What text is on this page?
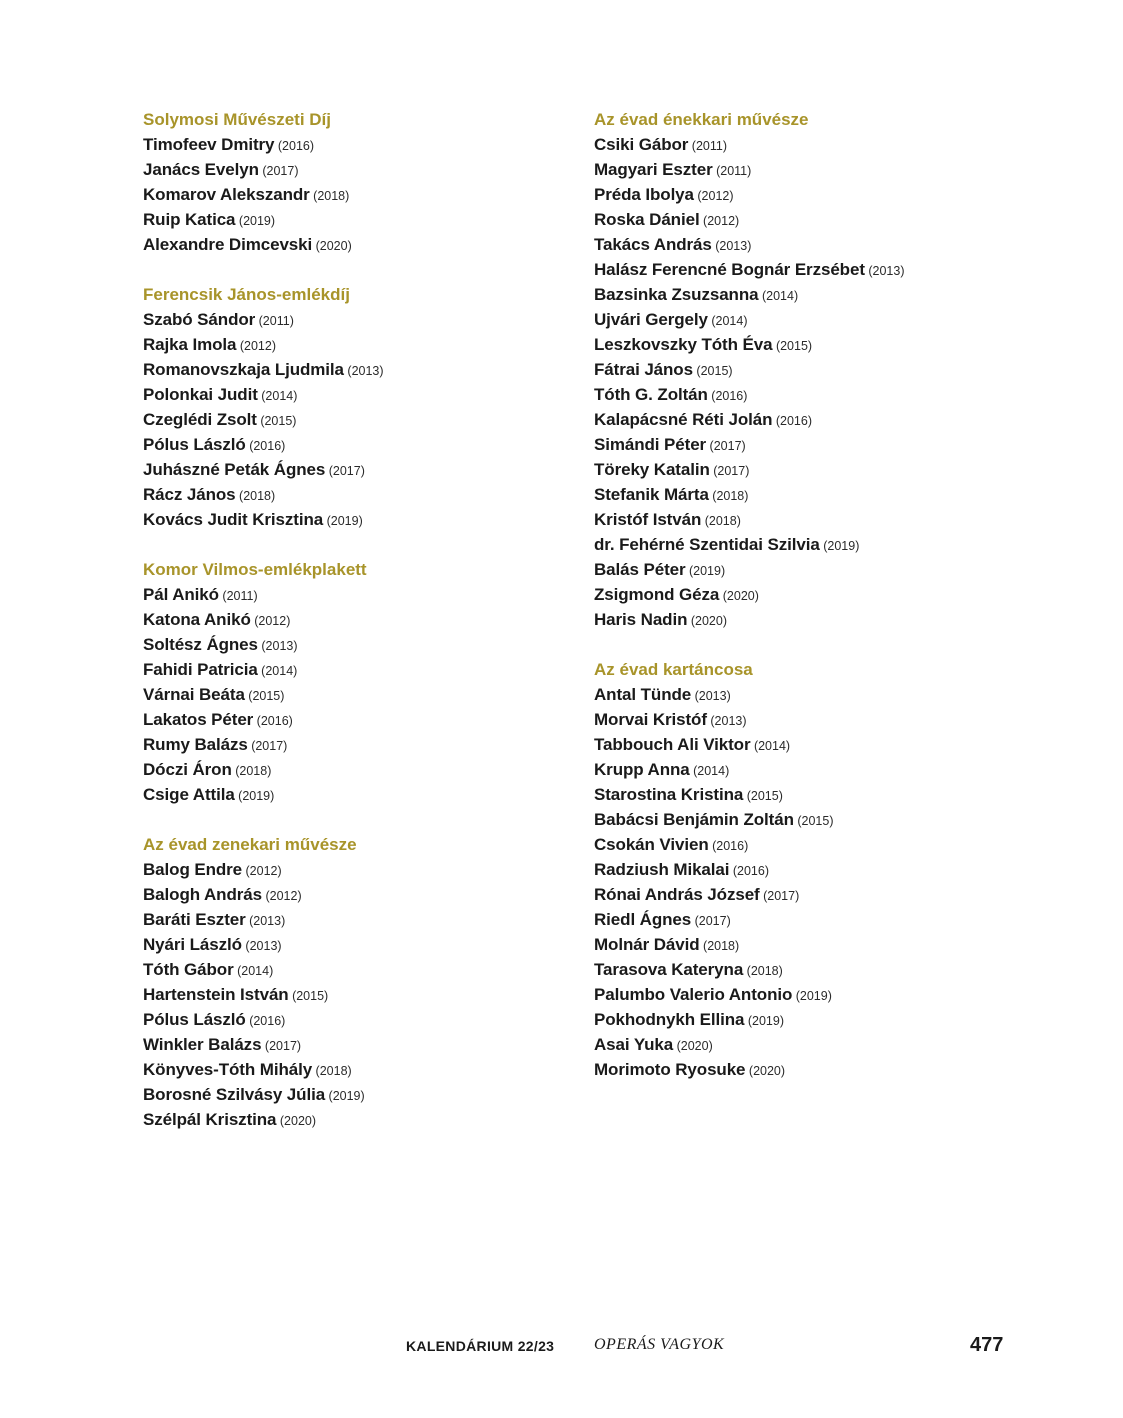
Solymosi Művészeti Díj
Timofeev Dmitry ( 2016 )
Janács Evelyn ( 2017 )
Komarov Alekszandr ( 2018 )
Ruip Katica ( 2019 )
Alexandre Dimcevski ( 2020 )
Ferencsik János-emlékdíj
Szabó Sándor ( 2011 )
Rajka Imola ( 2012 )
Romanovszkaja Ljudmila ( 2013 )
Polonkai Judit ( 2014 )
Czeglédi Zsolt ( 2015 )
Pólus László ( 2016 )
Juhászné Peták Ágnes ( 2017 )
Rácz János ( 2018 )
Kovács Judit Krisztina ( 2019 )
Komor Vilmos-emlékplakett
Pál Anikó ( 2011 )
Katona Anikó ( 2012 )
Soltész Ágnes ( 2013 )
Fahidi Patricia ( 2014 )
Várnai Beáta ( 2015 )
Lakatos Péter ( 2016 )
Rumy Balázs ( 2017 )
Dóczi Áron ( 2018 )
Csige Attila ( 2019 )
Az évad zenekari művésze
Balog Endre ( 2012 )
Balogh András ( 2012 )
Baráti Eszter ( 2013 )
Nyári László ( 2013 )
Tóth Gábor ( 2014 )
Hartenstein István ( 2015 )
Pólus László ( 2016 )
Winkler Balázs ( 2017 )
Könyves-Tóth Mihály ( 2018 )
Borosné Szilvásy Júlia ( 2019 )
Szélpál Krisztina ( 2020 )
Az évad énekkari művésze
Csiki Gábor ( 2011 )
Magyari Eszter ( 2011 )
Préda Ibolya ( 2012 )
Roska Dániel ( 2012 )
Takács András ( 2013 )
Halász Ferencné Bognár Erzsébet ( 2013 )
Bazsinka Zsuzsanna ( 2014 )
Ujvári Gergely ( 2014 )
Leszkovszky Tóth Éva ( 2015 )
Fátrai János ( 2015 )
Tóth G. Zoltán ( 2016 )
Kalapácsné Réti Jolán ( 2016 )
Simándi Péter ( 2017 )
Töreky Katalin ( 2017 )
Stefanik Márta ( 2018 )
Kristóf István ( 2018 )
dr. Fehérné Szentidai Szilvia ( 2019 )
Balás Péter ( 2019 )
Zsigmond Géza ( 2020 )
Haris Nadin ( 2020 )
Az évad kartáncosa
Antal Tünde ( 2013 )
Morvai Kristóf ( 2013 )
Tabbouch Ali Viktor ( 2014 )
Krupp Anna ( 2014 )
Starostina Kristina ( 2015 )
Babácsi Benjámin Zoltán ( 2015 )
Csokán Vivien ( 2016 )
Radziush Mikalai ( 2016 )
Rónai András József ( 2017 )
Riedl Ágnes ( 2017 )
Molnár Dávid ( 2018 )
Tarasova Kateryna ( 2018 )
Palumbo Valerio Antonio ( 2019 )
Pokhodnykh Ellina ( 2019 )
Asai Yuka ( 2020 )
Morimoto Ryosuke ( 2020 )
KALENDÁRIUM 22/23 OPERÁS VAGYOK	477
